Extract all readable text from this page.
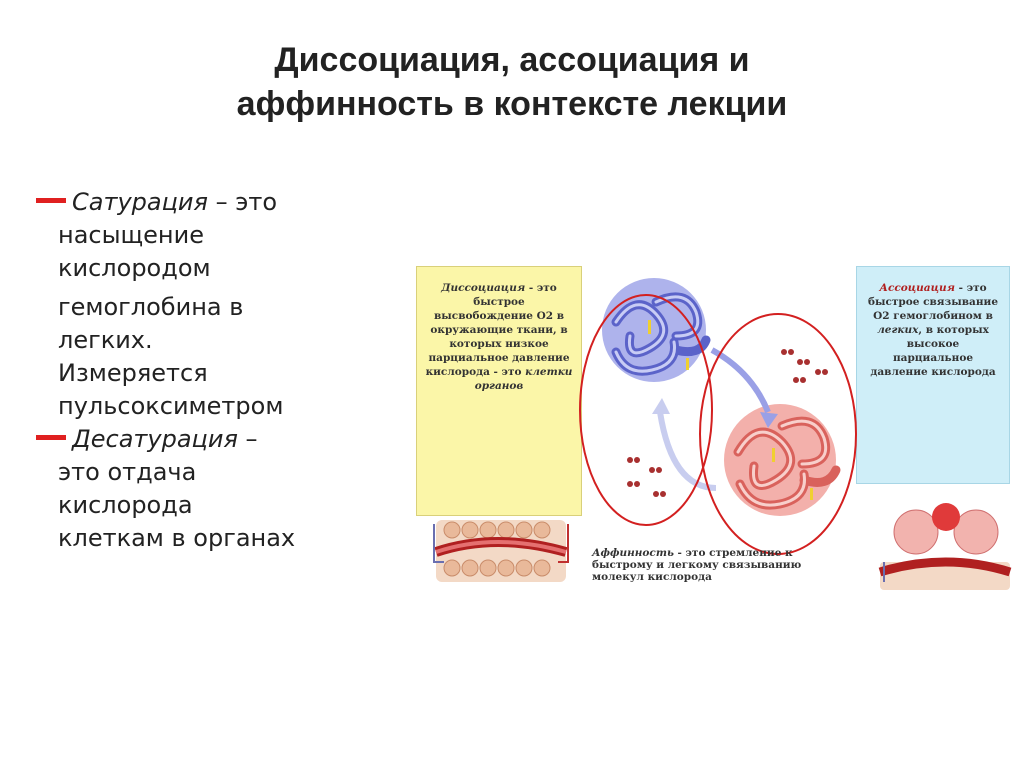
Диссоциация, ассоциация и
аффинность в контексте лекции
Сатурация – это
насыщение
кислородом
гемоглобина в
легких.
Измеряется
пульсоксиметром
Десатурация –
это отдача
кислорода
клеткам в органах
Диссоциация - это быстрое высвобождение О2 в окружающие ткани, в которых низкое парциальное давление кислорода - это клетки органов
Ассоциация - это быстрое связывание О2 гемоглобином в легких, в которых высокое парциальное давление кислорода
Аффинность - это стремление к быстрому и легкому связыванию молекул кислорода
